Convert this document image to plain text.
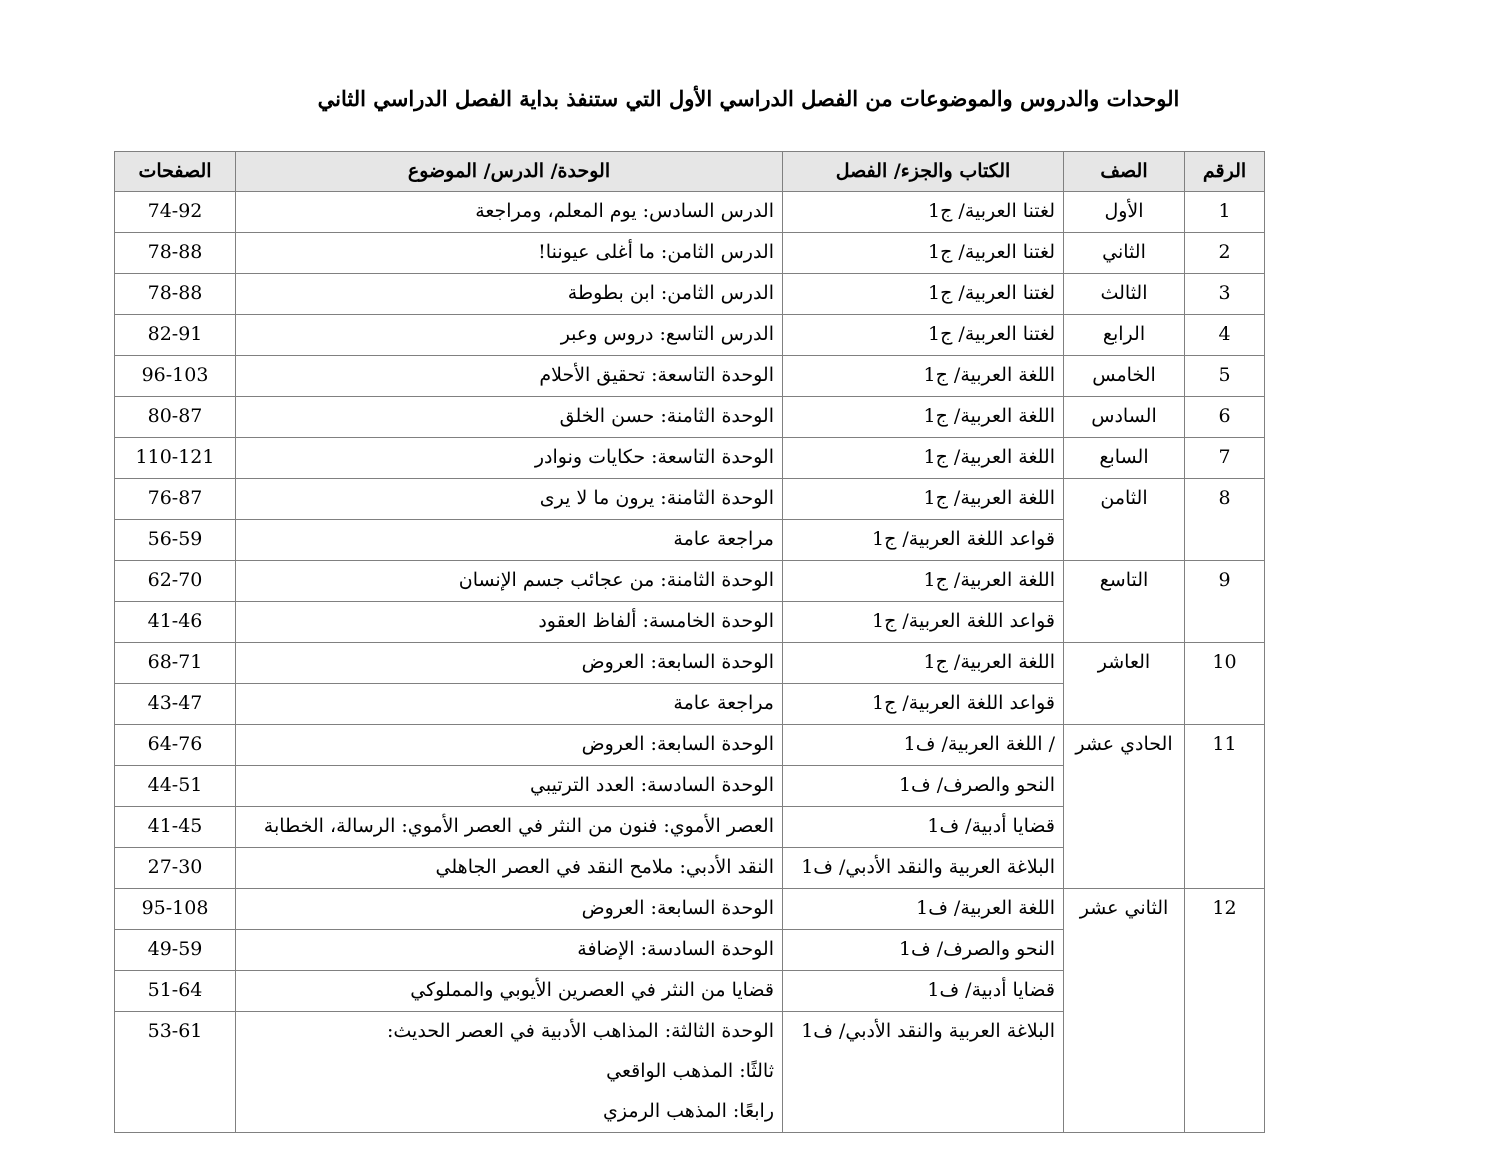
الوحدات والدروس والموضوعات من الفصل الدراسي الأول التي ستنفذ بداية الفصل الدراسي الثاني
الرقم	الصف	الكتاب والجزء/ الفصل	الوحدة/ الدرس/ الموضوع	الصفحات
1	الأول	لغتنا العربية/ ج1	الدرس السادس: يوم المعلم، ومراجعة	74-92
2	الثاني	لغتنا العربية/ ج1	الدرس الثامن: ما أغلى عيوننا!	78-88
3	الثالث	لغتنا العربية/ ج1	الدرس الثامن: ابن بطوطة	78-88
4	الرابع	لغتنا العربية/ ج1	الدرس التاسع: دروس وعبر	82-91
5	الخامس	اللغة العربية/ ج1	الوحدة التاسعة: تحقيق الأحلام	96-103
6	السادس	اللغة العربية/ ج1	الوحدة الثامنة: حسن الخلق	80-87
7	السابع	اللغة العربية/ ج1	الوحدة التاسعة: حكايات ونوادر	110-121
8	الثامن	اللغة العربية/ ج1	الوحدة الثامنة: يرون ما لا يرى	76-87
		قواعد اللغة العربية/ ج1	مراجعة عامة	56-59
9	التاسع	اللغة العربية/ ج1	الوحدة الثامنة: من عجائب جسم الإنسان	62-70
		قواعد اللغة العربية/ ج1	الوحدة الخامسة: ألفاظ العقود	41-46
10	العاشر	اللغة العربية/ ج1	الوحدة السابعة: العروض	68-71
		قواعد اللغة العربية/ ج1	مراجعة عامة	43-47
11	الحادي عشر	/ اللغة العربية/ ف1	الوحدة السابعة: العروض	64-76
		النحو والصرف/ ف1	الوحدة السادسة: العدد الترتيبي	44-51
		قضايا أدبية/ ف1	العصر الأموي: فنون من النثر في العصر الأموي: الرسالة، الخطابة	41-45
		البلاغة العربية والنقد الأدبي/ ف1	النقد الأدبي: ملامح النقد في العصر الجاهلي	27-30
12	الثاني عشر	اللغة العربية/ ف1	الوحدة السابعة: العروض	95-108
		النحو والصرف/ ف1	الوحدة السادسة: الإضافة	49-59
		قضايا أدبية/ ف1	قضايا من النثر في العصرين الأيوبي والمملوكي	51-64
		البلاغة العربية والنقد الأدبي/ ف1	الوحدة الثالثة: المذاهب الأدبية في العصر الحديث:
ثالثًا: المذهب الواقعي
رابعًا: المذهب الرمزي	53-61
